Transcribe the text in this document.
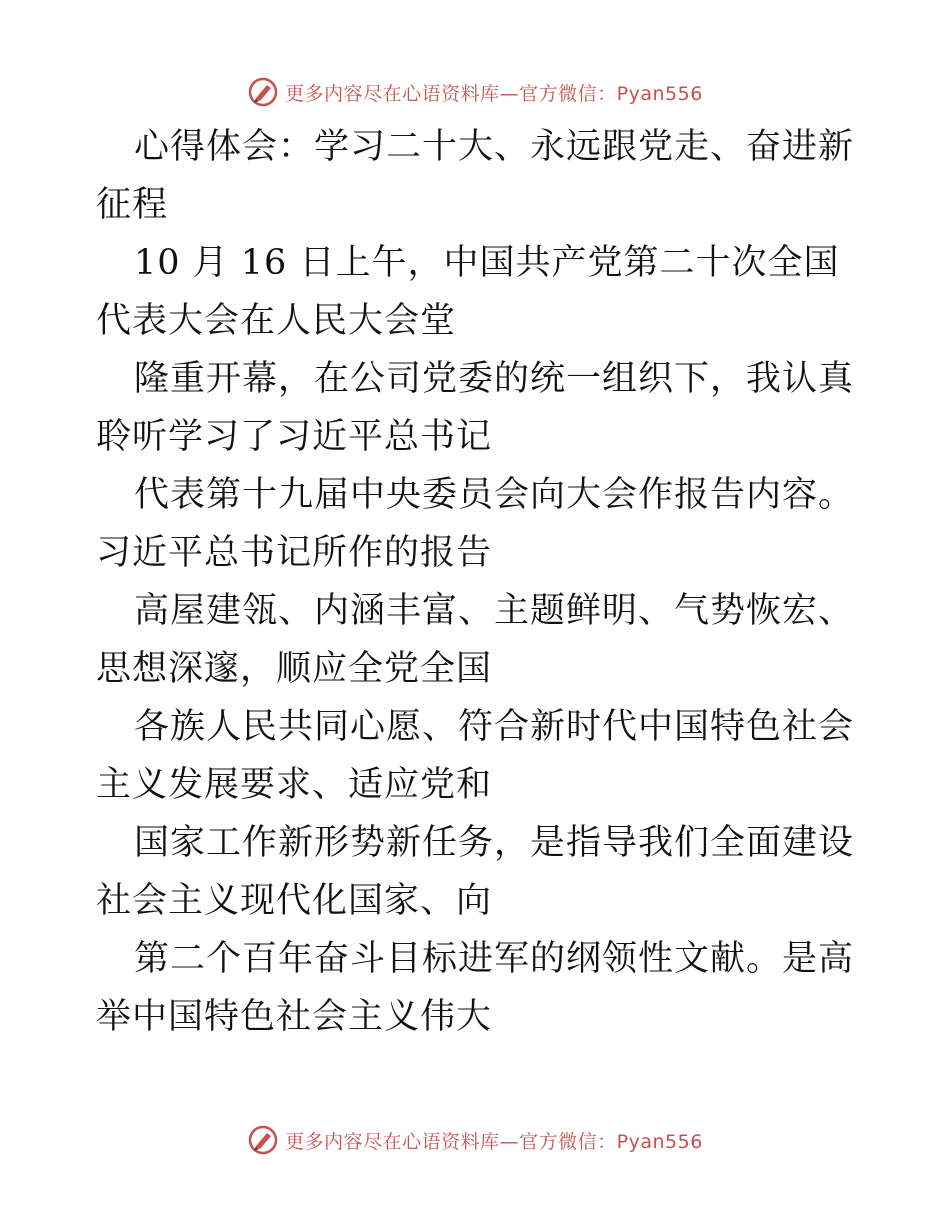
更多内容尽在心语资料库—官方微信：Pyan556

心得体会：学习二十大、永远跟党走、奋进新征程

10 月 16 日上午，中国共产党第二十次全国代表大会在人民大会堂

隆重开幕，在公司党委的统一组织下，我认真聆听学习了习近平总书记

代表第十九届中央委员会向大会作报告内容。习近平总书记所作的报告

高屋建瓴、内涵丰富、主题鲜明、气势恢宏、思想深邃，顺应全党全国

各族人民共同心愿、符合新时代中国特色社会主义发展要求、适应党和

国家工作新形势新任务，是指导我们全面建设社会主义现代化国家、向

第二个百年奋斗目标进军的纲领性文献。是高举中国特色社会主义伟大

更多内容尽在心语资料库—官方微信：Pyan556
